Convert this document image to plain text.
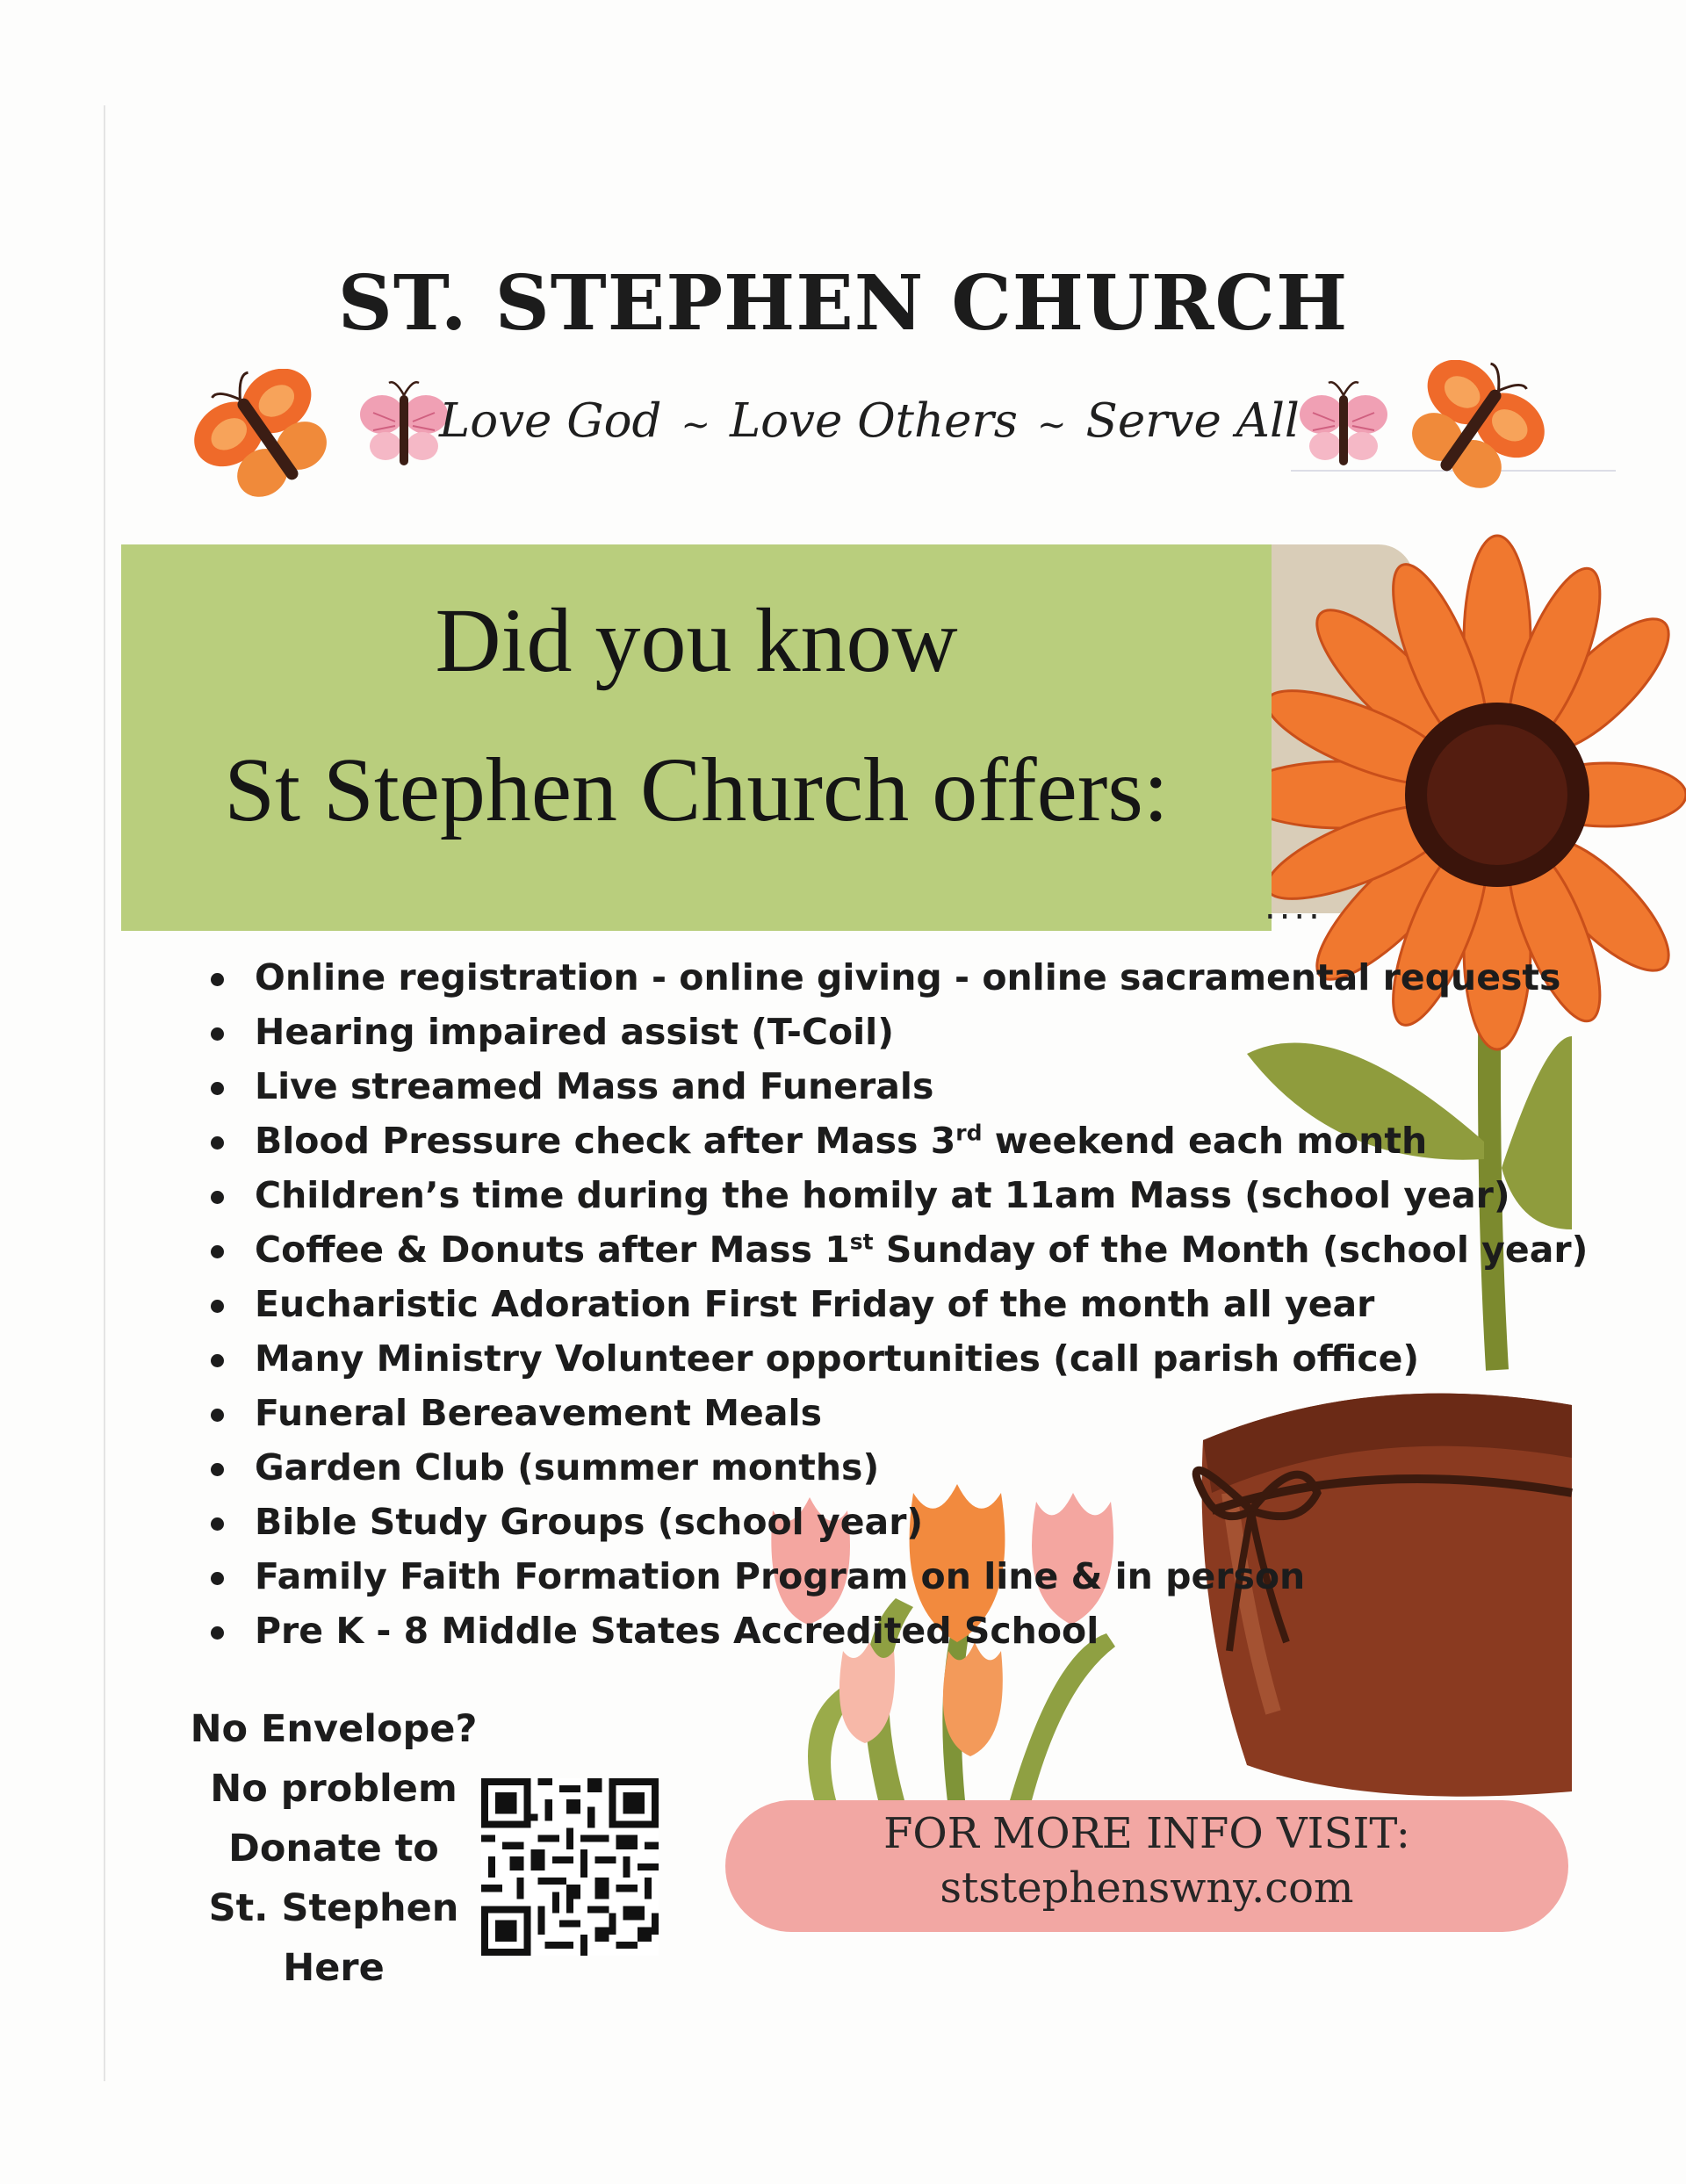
ST. STEPHEN CHURCH
Love God ~ Love Others ~ Serve All
Did you know
St Stephen Church offers:
....
Online registration - online giving - online sacramental requests
Hearing impaired assist (T-Coil)
Live streamed Mass and Funerals
Blood Pressure check after Mass 3rd weekend each month
Children’s time during the homily at 11am Mass (school year)
Coffee & Donuts after Mass 1st Sunday of the Month (school year)
Eucharistic Adoration First Friday of the month all year
Many Ministry Volunteer opportunities (call parish office)
Funeral Bereavement Meals
Garden Club (summer months)
Bible Study Groups (school year)
Family Faith Formation Program on line & in person
Pre K - 8 Middle States Accredited School
No Envelope?
No problem
Donate to
St. Stephen
Here
FOR MORE INFO VISIT:
ststephenswny.com
